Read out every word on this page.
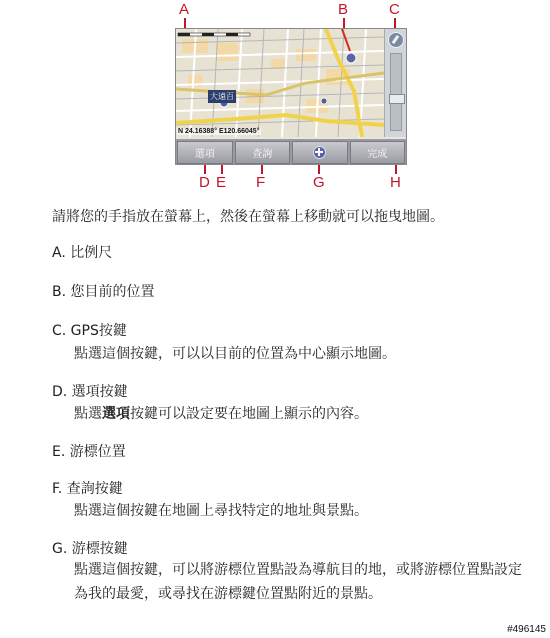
A	B	C
D E F	G	H
大遠百
N 24.16388° E120.66045°
選項	查詢	完成
請將您的手指放在螢幕上，然後在螢幕上移動就可以拖曳地圖。
A. 比例尺
B. 您目前的位置
C. GPS按鍵
點選這個按鍵，可以以目前的位置為中心顯示地圖。
D. 選項按鍵
點選選項按鍵可以設定要在地圖上顯示的內容。
E. 游標位置
F. 查詢按鍵
點選這個按鍵在地圖上尋找特定的地址與景點。
G. 游標按鍵
點選這個按鍵，可以將游標位置點設為導航目的地，或將游標位置點設定為我的最愛，或尋找在游標鍵位置點附近的景點。
#496145
